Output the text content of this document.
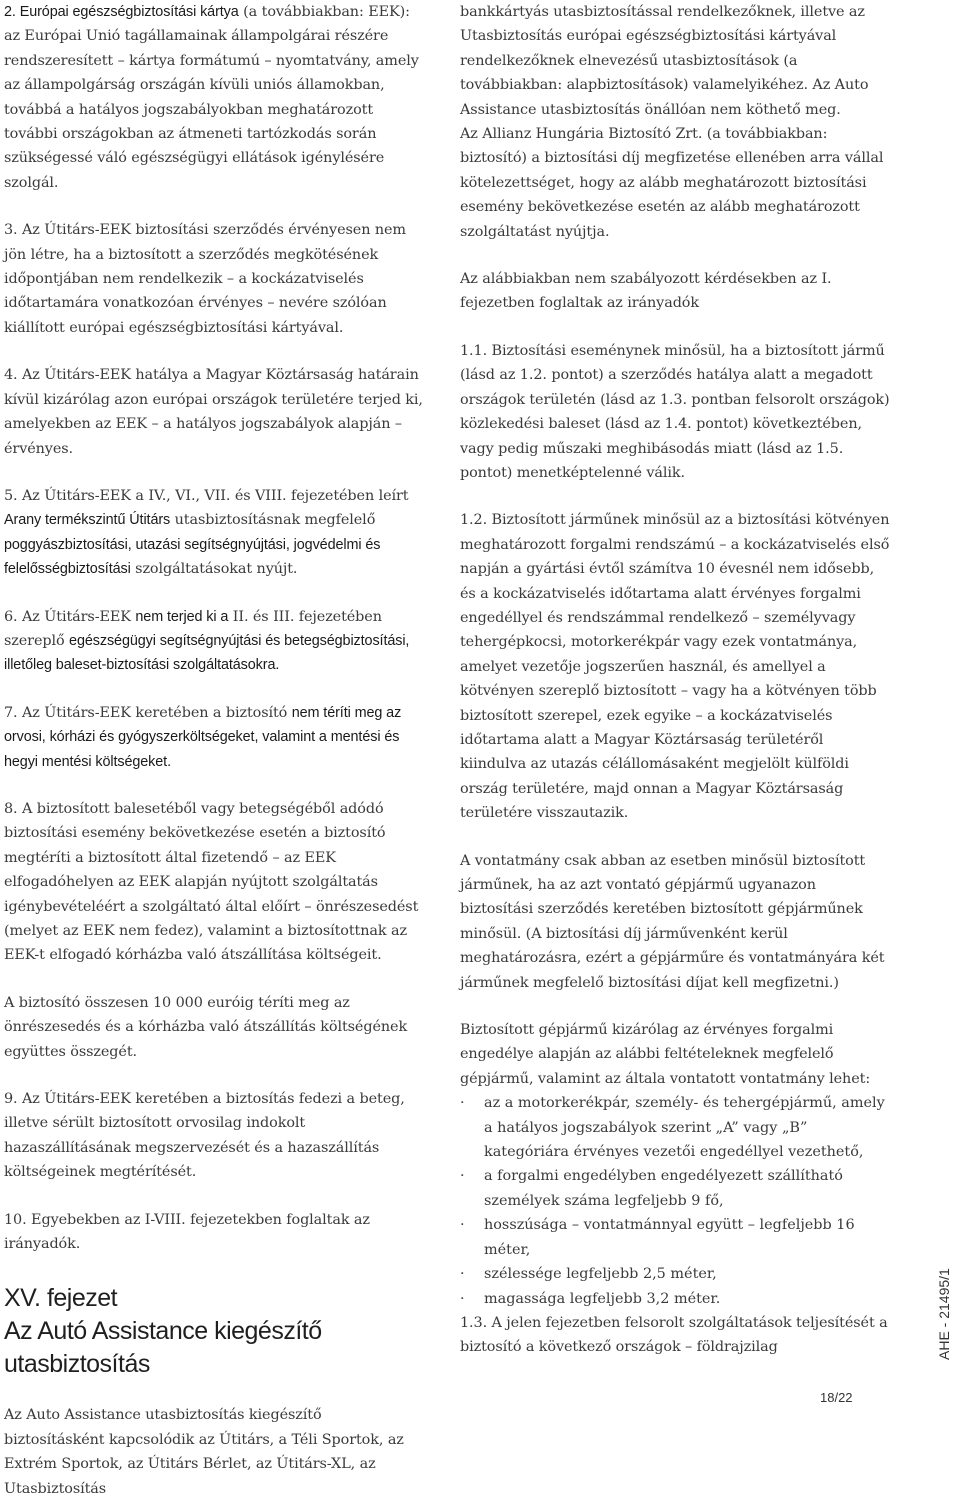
2. Európai egészségbiztosítási kártya (a továbbiakban: EEK): az Európai Unió tagállamainak állampolgárai részére rendszeresített – kártya formátumú – nyomtatvány, amely az állampolgárság országán kívüli uniós államokban, továbbá a hatályos jogszabályokban meghatározott további országokban az átmeneti tartózkodás során szükségessé váló egészségügyi ellátások igénylésére szolgál.

3. Az Útitárs-EEK biztosítási szerződés érvényesen nem jön létre, ha a biztosított a szerződés megkötésének időpontjában nem rendelkezik – a kockázatviselés időtartamára vonatkozóan érvényes – nevére szólóan kiállított európai egészségbiztosítási kártyával.

4. Az Útitárs-EEK hatálya a Magyar Köztársaság határain kívül kizárólag azon európai országok területére terjed ki, amelyekben az EEK – a hatályos jogszabályok alapján – érvényes.

5. Az Útitárs-EEK a IV., VI., VII. és VIII. fejezetében leírt Arany termékszintű Útitárs utasbiztosításnak megfelelő poggyászbiztosítási, utazási segítségnyújtási, jogvédelmi és felelősségbiztosítási szolgáltatásokat nyújt.

6. Az Útitárs-EEK nem terjed ki a II. és III. fejezetében szereplő egészségügyi segítségnyújtási és betegségbiztosítási, illetőleg baleset-biztosítási szolgáltatásokra.

7. Az Útitárs-EEK keretében a biztosító nem téríti meg az orvosi, kórházi és gyógyszerköltségeket, valamint a mentési és hegyi mentési költségeket.

8. A biztosított balesetéből vagy betegségéből adódó biztosítási esemény bekövetkezése esetén a biztosító megtéríti a biztosított által fizetendő – az EEK elfogadóhelyen az EEK alapján nyújtott szolgáltatás igénybevételéért a szolgáltató által előírt – önrészesedést (melyet az EEK nem fedez), valamint a biztosítottnak az EEK-t elfogadó kórházba való átszállítása költségeit.

A biztosító összesen 10 000 euróig téríti meg az önrészesedés és a kórházba való átszállítás költségének együttes összegét.

9. Az Útitárs-EEK keretében a biztosítás fedezi a beteg, illetve sérült biztosított orvosilag indokolt hazaszállításának megszervezését és a hazaszállítás költségeinek megtérítését.

10. Egyebekben az I-VIII. fejezetekben foglaltak az irányadók.

XV. fejezet
Az Autó Assistance kiegészítő utasbiztosítás

Az Auto Assistance utasbiztosítás kiegészítő biztosításként kapcsolódik az Útitárs, a Téli Sportok, az Extrém Sportok, az Útitárs Bérlet, az Útitárs-XL, az Utasbiztosítás

bankkártyás utasbiztosítással rendelkezőknek, illetve az Utasbiztosítás európai egészségbiztosítási kártyával rendelkezőknek elnevezésű utasbiztosítások (a továbbiakban: alapbiztosítások) valamelyikéhez. Az Auto Assistance utasbiztosítás önállóan nem köthető meg.

Az Allianz Hungária Biztosító Zrt. (a továbbiakban: biztosító) a biztosítási díj megfizetése ellenében arra vállal kötelezettséget, hogy az alább meghatározott biztosítási esemény bekövetkezése esetén az alább meghatározott szolgáltatást nyújtja.

Az alábbiakban nem szabályozott kérdésekben az I. fejezetben foglaltak az irányadók

1.1. Biztosítási eseménynek minősül, ha a biztosított jármű (lásd az 1.2. pontot) a szerződés hatálya alatt a megadott országok területén (lásd az 1.3. pontban felsorolt országok) közlekedési baleset (lásd az 1.4. pontot) következtében, vagy pedig műszaki meghibásodás miatt (lásd az 1.5. pontot) menetképtelenné válik.

1.2. Biztosított járműnek minősül az a biztosítási kötvényen meghatározott forgalmi rendszámú – a kockázatviselés első napján a gyártási évtől számítva 10 évesnél nem idősebb, és a kockázatviselés időtartama alatt érvényes forgalmi engedéllyel és rendszámmal rendelkező – személyvagy tehergépkocsi, motorkerékpár vagy ezek vontatmánya, amelyet vezetője jogszerűen használ, és amellyel a kötvényen szereplő biztosított – vagy ha a kötvényen több biztosított szerepel, ezek egyike – a kockázatviselés időtartama alatt a Magyar Köztársaság területéről kiindulva az utazás célállomásaként megjelölt külföldi ország területére, majd onnan a Magyar Köztársaság területére visszautazik.

A vontatmány csak abban az esetben minősül biztosított járműnek, ha az azt vontató gépjármű ugyanazon biztosítási szerződés keretében biztosított gépjárműnek minősül. (A biztosítási díj járművenként kerül meghatározásra, ezért a gépjárműre és vontatmányára két járműnek megfelelő biztosítási díjat kell megfizetni.)

Biztosított gépjármű kizárólag az érvényes forgalmi engedélye alapján az alábbi feltételeknek megfelelő gépjármű, valamint az általa vontatott vontatmány lehet:

· az a motorkerékpár, személy- és tehergépjármű, amely a hatályos jogszabályok szerint „A” vagy „B” kategóriára érvényes vezetői engedéllyel vezethető,
· a forgalmi engedélyben engedélyezett szállítható személyek száma legfeljebb 9 fő,
· hosszúsága – vontatmánnyal együtt – legfeljebb 16 méter,
· szélessége legfeljebb 2,5 méter,
· magassága legfeljebb 3,2 méter.

1.3. A jelen fejezetben felsorolt szolgáltatások teljesítését a biztosító a következő országok – földrajzilag	AHE - 21495/1
18/22
